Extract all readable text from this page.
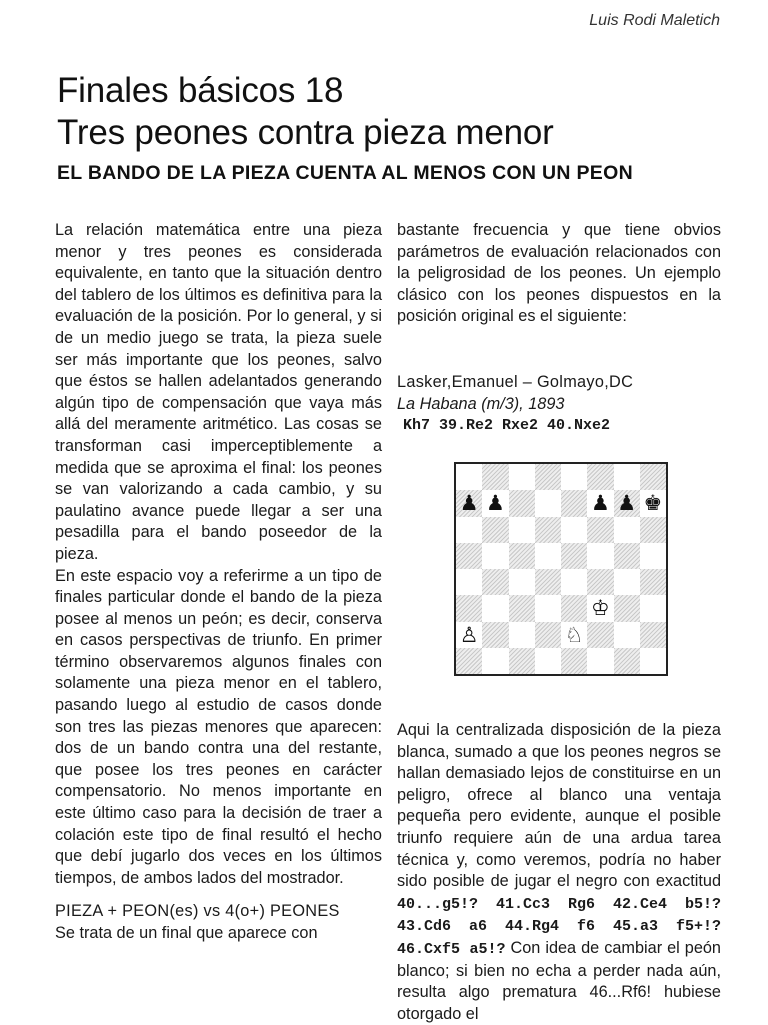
Luis Rodi Maletich
Finales básicos 18
Tres peones contra pieza menor
EL BANDO DE LA PIEZA CUENTA AL MENOS CON UN PEON

La relación matemática entre una pieza menor y tres peones es considerada equivalente, en tanto que la situación dentro del tablero de los últimos es definitiva para la evaluación de la posición. Por lo general, y si de un medio juego se trata, la pieza suele ser más importante que los peones, salvo que éstos se hallen adelantados generando algún tipo de compensación que vaya más allá del meramente aritmético. Las cosas se transforman casi imperceptiblemente a medida que se aproxima el final: los peones se van valorizando a cada cambio, y su paulatino avance puede llegar a ser una pesadilla para el bando poseedor de la pieza.

En este espacio voy a referirme a un tipo de finales particular donde el bando de la pieza posee al menos un peón; es decir, conserva en casos perspectivas de triunfo. En primer término observaremos algunos finales con solamente una pieza menor en el tablero, pasando luego al estudio de casos donde son tres las piezas menores que aparecen: dos de un bando contra una del restante, que posee los tres peones en carácter compensatorio. No menos importante en este último caso para la decisión de traer a colación este tipo de final resultó el hecho que debí jugarlo dos veces en los últimos tiempos, de ambos lados del mostrador.

PIEZA + PEON(es) vs 4(o+) PEONES

Se trata de un final que aparece con

bastante frecuencia y que tiene obvios parámetros de evaluación relacionados con la peligrosidad de los peones. Un ejemplo clásico con los peones dispuestos en la posición original es el siguiente:

Lasker,Emanuel – Golmayo,DC
La Habana (m/3), 1893
Kh7 39.Re2 Rxe2 40.Nxe2
♟ ♟	♟ ♟ ♚
♔
♙	♘

Aqui la centralizada disposición de la pieza blanca, sumado a que los peones negros se hallan demasiado lejos de constituirse en un peligro, ofrece al blanco una ventaja pequeña pero evidente, aunque el posible triunfo requiere aún de una ardua tarea técnica y, como veremos, podría no haber sido posible de jugar el negro con exactitud 40...g5!? 41.Cc3 Rg6 42.Ce4 b5!? 43.Cd6 a6 44.Rg4 f6 45.a3 f5+!? 46.Cxf5 a5!? Con idea de cambiar el peón blanco; si bien no echa a perder nada aún, resulta algo prematura 46...Rf6! hubiese otorgado el
